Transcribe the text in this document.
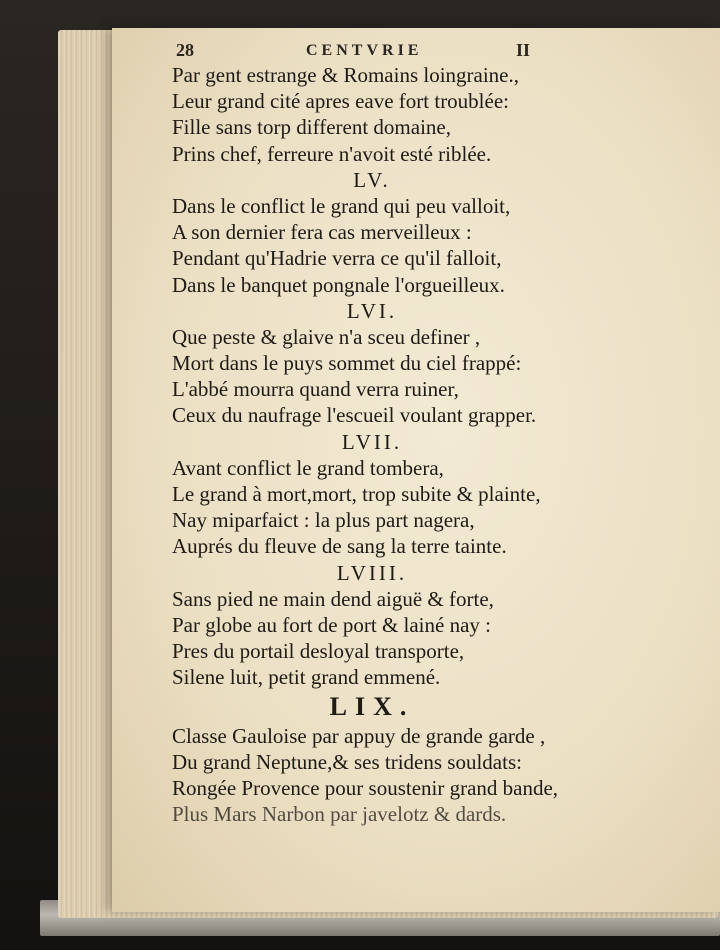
28	CENTVRIE	II
Par gent estrange & Romains loingraine.,
Leur grand cité apres eave fort troublée:
Fille sans torp different domaine,
Prins chef, ferreure n'avoit esté riblée.
LV.
Dans le conflict le grand qui peu valloit,
A son dernier fera cas merveilleux :
Pendant qu'Hadrie verra ce qu'il falloit,
Dans le banquet pongnale l'orgueilleux.
LVI.
Que peste & glaive n'a sceu definer ,
Mort dans le puys sommet du ciel frappé:
L'abbé mourra quand verra ruiner,
Ceux du naufrage l'escueil voulant grapper.
LVII.
Avant conflict le grand tombera,
Le grand à mort,mort, trop subite & plainte,
Nay miparfaict : la plus part nagera,
Auprés du fleuve de sang la terre tainte.
LVIII.
Sans pied ne main dend aiguë & forte,
Par globe au fort de port & lainé nay :
Pres du portail desloyal transporte,
Silene luit, petit grand emmené.
LIX.
Classe Gauloise par appuy de grande garde ,
Du grand Neptune,& ses tridens souldats:
Rongée Provence pour soustenir grand bande,
Plus Mars Narbon par javelotz & dards.
